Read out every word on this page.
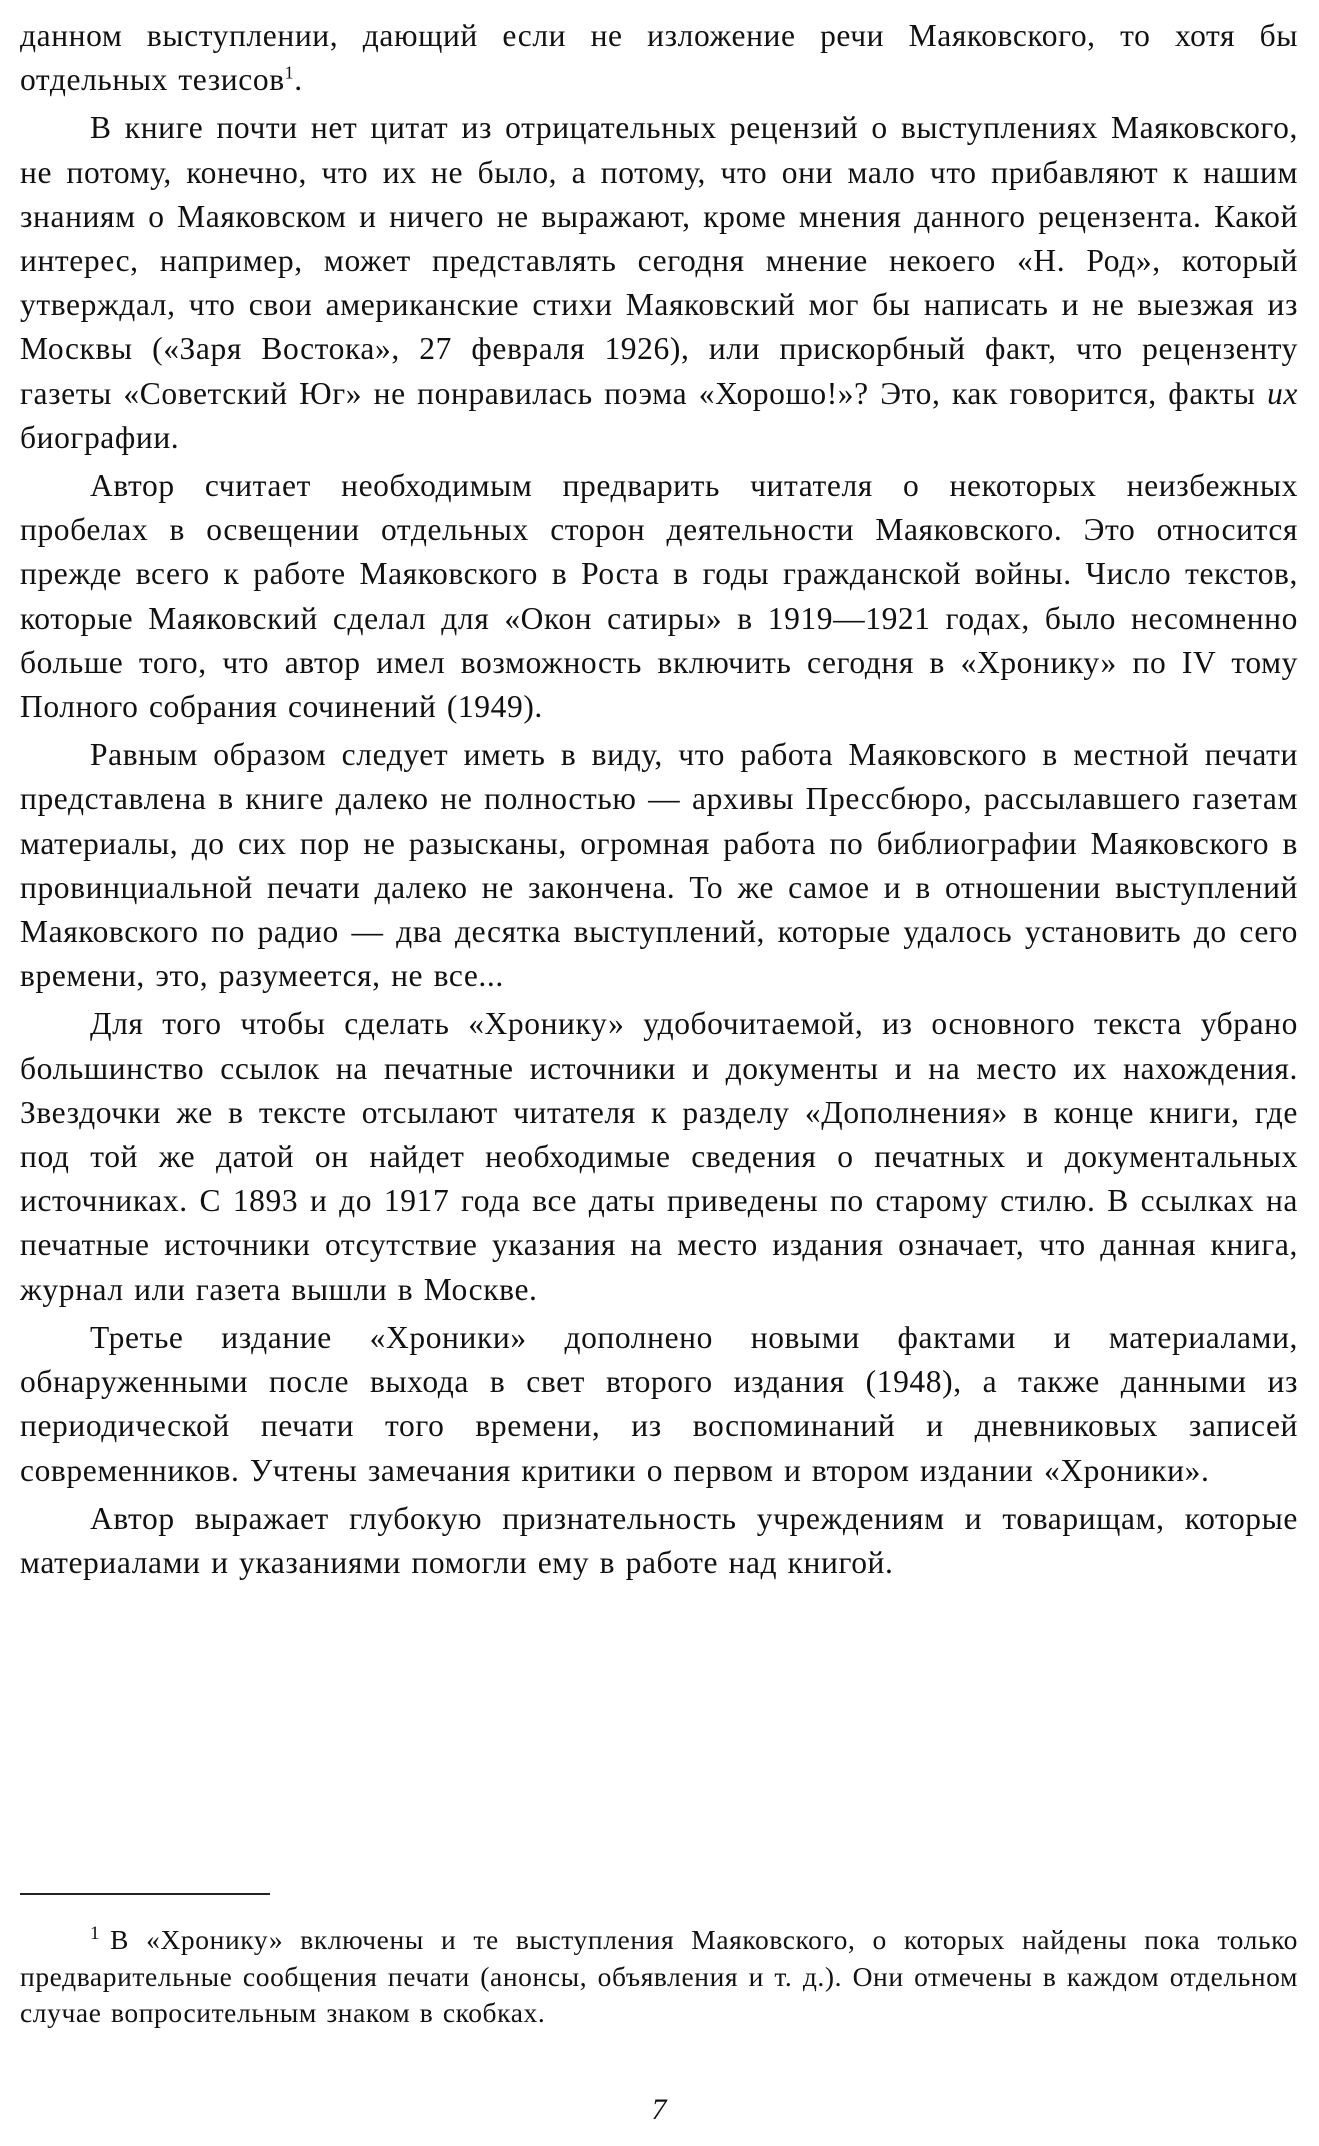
данном выступлении, дающий если не изложение речи Маяковского, то хотя бы отдельных тезисов$^1$.

В книге почти нет цитат из отрицательных рецензий о выступлениях Маяковского, не потому, конечно, что их не было, а потому, что они мало что прибавляют к нашим знаниям о Маяковском и ничего не выражают, кроме мнения данного рецензента. Какой интерес, например, может представлять сегодня мнение некоего «Н. Род», который утверждал, что свои американские стихи Маяковский мог бы написать и не выезжая из Москвы («Заря Востока», 27 февраля 1926), или прискорбный факт, что рецензенту газеты «Советский Юг» не понравилась поэма «Хорошо!»? Это, как говорится, факты их биографии.

Автор считает необходимым предварить читателя о некоторых неизбежных пробелах в освещении отдельных сторон деятельности Маяковского. Это относится прежде всего к работе Маяковского в Роста в годы гражданской войны. Число текстов, которые Маяковский сделал для «Окон сатиры» в 1919—1921 годах, было несомненно больше того, что автор имел возможность включить сегодня в «Хронику» по IV тому Полного собрания сочинений (1949).

Равным образом следует иметь в виду, что работа Маяковского в местной печати представлена в книге далеко не полностью — архивы Прессбюро, рассылавшего газетам материалы, до сих пор не разысканы, огромная работа по библиографии Маяковского в провинциальной печати далеко не закончена. То же самое и в отношении выступлений Маяковского по радио — два десятка выступлений, которые удалось установить до сего времени, это, разумеется, не все...

Для того чтобы сделать «Хронику» удобочитаемой, из основного текста убрано большинство ссылок на печатные источники и документы и на место их нахождения. Звездочки же в тексте отсылают читателя к разделу «Дополнения» в конце книги, где под той же датой он найдет необходимые сведения о печатных и документальных источниках. С 1893 и до 1917 года все даты приведены по старому стилю. В ссылках на печатные источники отсутствие указания на место издания означает, что данная книга, журнал или газета вышли в Москве.

Третье издание «Хроники» дополнено новыми фактами и материалами, обнаруженными после выхода в свет второго издания (1948), а также данными из периодической печати того времени, из воспоминаний и дневниковых записей современников. Учтены замечания критики о первом и втором издании «Хроники».

Автор выражает глубокую признательность учреждениям и товарищам, которые материалами и указаниями помогли ему в работе над книгой.

$^1$ В «Хронику» включены и те выступления Маяковского, о которых найдены пока только предварительные сообщения печати (анонсы, объявления и т. д.). Они отмечены в каждом отдельном случае вопросительным знаком в скобках.

7
